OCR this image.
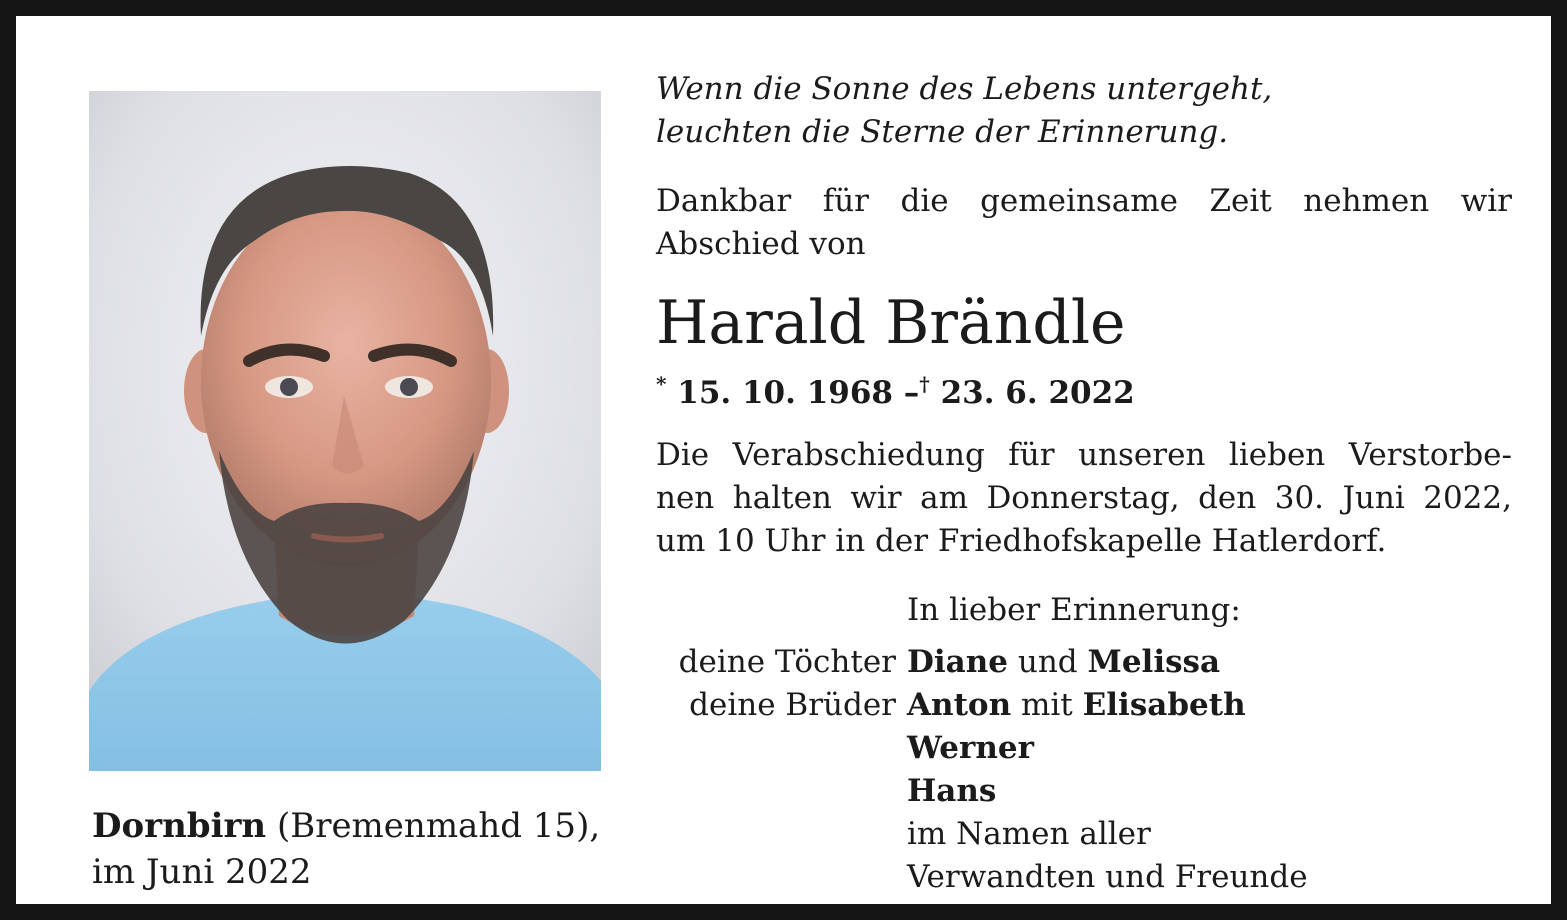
Wenn die Sonne des Lebens untergeht,
leuchten die Sterne der Erinnerung.
Dankbar für die gemeinsame Zeit nehmen wir
Abschied von
Harald Brändle
* 15. 10. 1968 –† 23. 6. 2022
Die Verabschiedung für unseren lieben Verstorbe-
nen halten wir am Donnerstag, den 30. Juni 2022,
um 10 Uhr in der Friedhofskapelle Hatlerdorf.
In lieber Erinnerung:
deine Töchter Diane und Melissa
deine Brüder Anton mit Elisabeth
Werner
Hans
im Namen aller
Verwandten und Freunde
Dornbirn (Bremenmahd 15),
im Juni 2022
